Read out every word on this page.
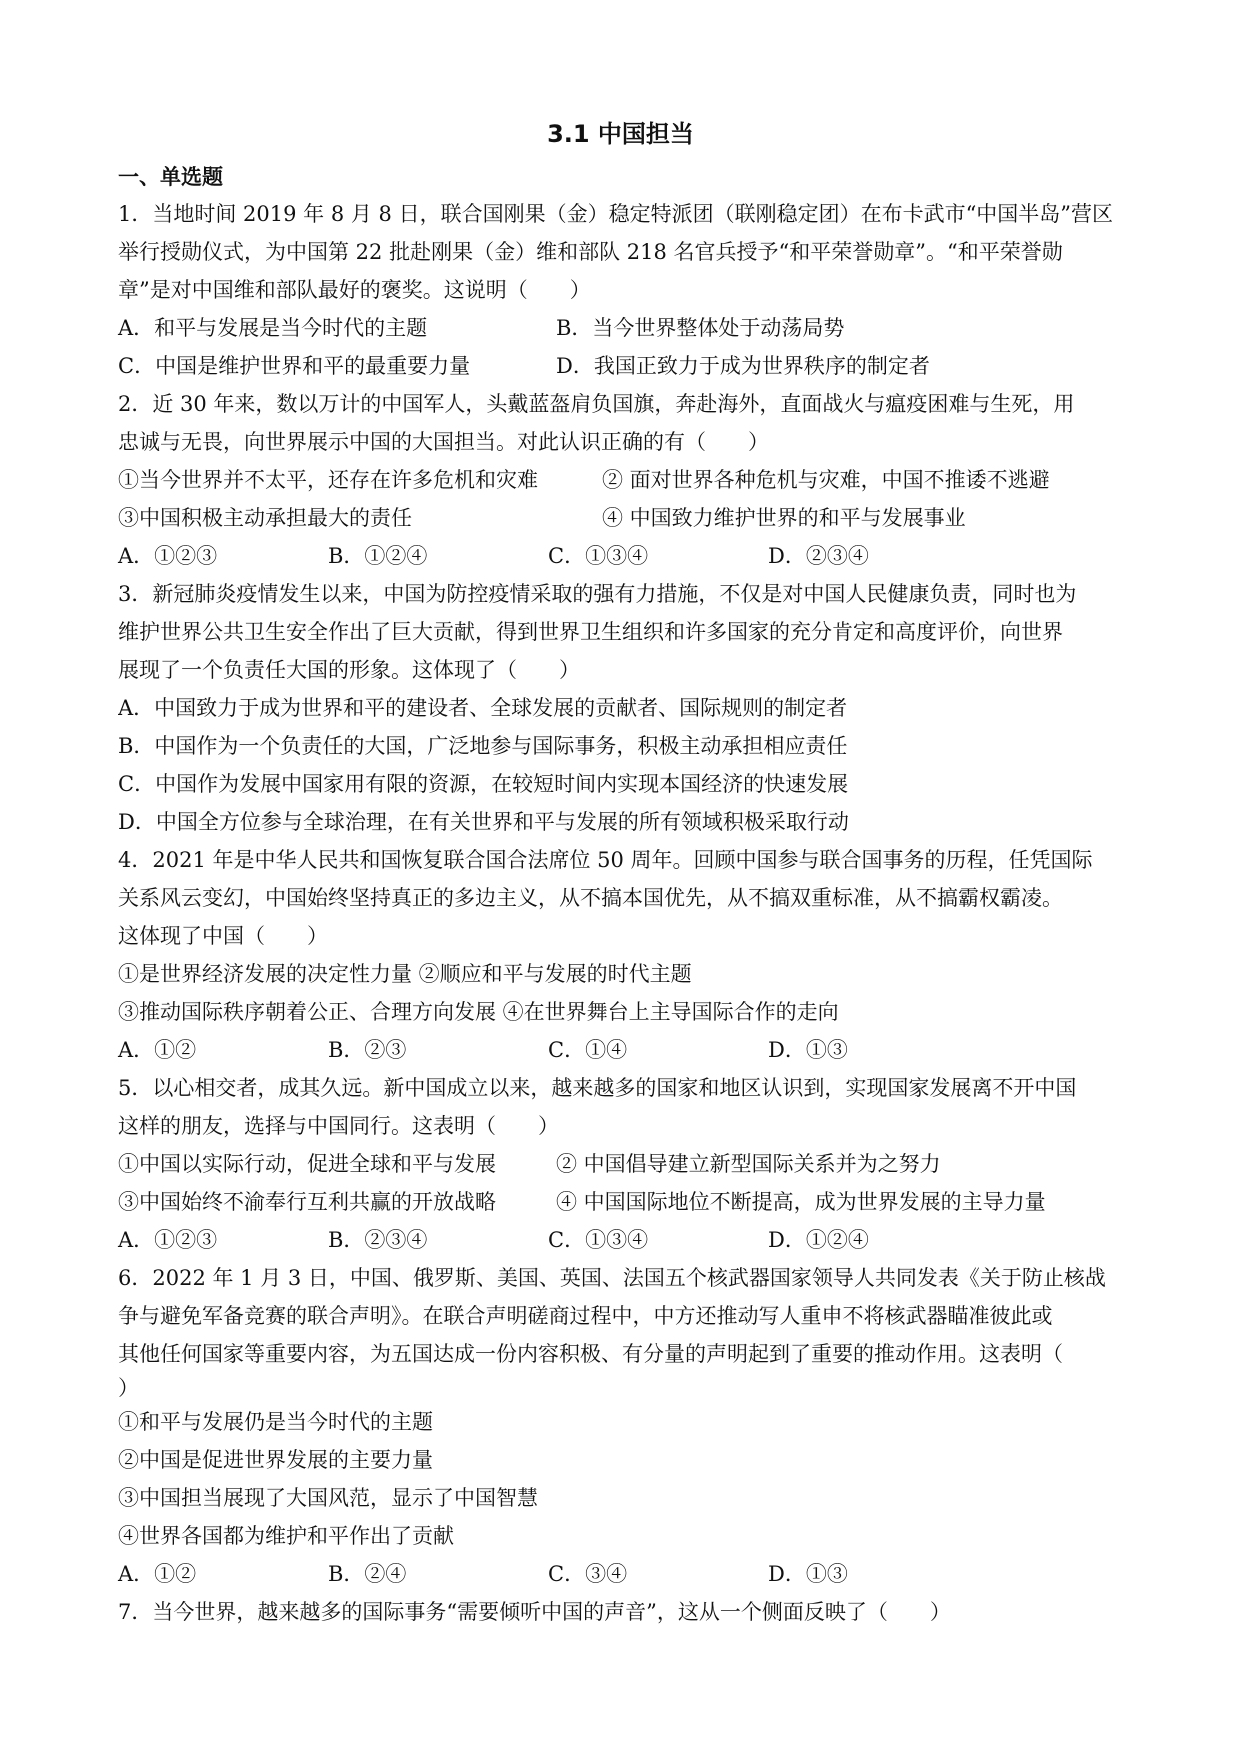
3.1 中国担当
一、单选题
1．当地时间 2019 年 8 月 8 日，联合国刚果（金）稳定特派团（联刚稳定团）在布卡武市“中国半岛”营区
举行授勋仪式，为中国第 22 批赴刚果（金）维和部队 218 名官兵授予“和平荣誉勋章”。“和平荣誉勋
章”是对中国维和部队最好的褒奖。这说明（　　）
A．和平与发展是当今时代的主题	B．当今世界整体处于动荡局势
C．中国是维护世界和平的最重要力量	D．我国正致力于成为世界秩序的制定者
2．近 30 年来，数以万计的中国军人，头戴蓝盔肩负国旗，奔赴海外，直面战火与瘟疫困难与生死，用
忠诚与无畏，向世界展示中国的大国担当。对此认识正确的有（　　）
①当今世界并不太平，还存在许多危机和灾难	② 面对世界各种危机与灾难，中国不推诿不逃避
③中国积极主动承担最大的责任	④ 中国致力维护世界的和平与发展事业
A．①②③	B．①②④	C．①③④	D．②③④
3．新冠肺炎疫情发生以来，中国为防控疫情采取的强有力措施，不仅是对中国人民健康负责，同时也为
维护世界公共卫生安全作出了巨大贡献，得到世界卫生组织和许多国家的充分肯定和高度评价，向世界
展现了一个负责任大国的形象。这体现了（　　）
A．中国致力于成为世界和平的建设者、全球发展的贡献者、国际规则的制定者
B．中国作为一个负责任的大国，广泛地参与国际事务，积极主动承担相应责任
C．中国作为发展中国家用有限的资源，在较短时间内实现本国经济的快速发展
D．中国全方位参与全球治理，在有关世界和平与发展的所有领域积极采取行动
4．2021 年是中华人民共和国恢复联合国合法席位 50 周年。回顾中国参与联合国事务的历程，任凭国际
关系风云变幻，中国始终坚持真正的多边主义，从不搞本国优先，从不搞双重标准，从不搞霸权霸凌。
这体现了中国（　　）
①是世界经济发展的决定性力量 ②顺应和平与发展的时代主题
③推动国际秩序朝着公正、合理方向发展 ④在世界舞台上主导国际合作的走向
A．①②	B．②③	C．①④	D．①③
5．以心相交者，成其久远。新中国成立以来，越来越多的国家和地区认识到，实现国家发展离不开中国
这样的朋友，选择与中国同行。这表明（　　）
①中国以实际行动，促进全球和平与发展	② 中国倡导建立新型国际关系并为之努力
③中国始终不渝奉行互利共赢的开放战略	④ 中国国际地位不断提高，成为世界发展的主导力量
A．①②③	B．②③④	C．①③④	D．①②④
6．2022 年 1 月 3 日，中国、俄罗斯、美国、英国、法国五个核武器国家领导人共同发表《关于防止核战
争与避免军备竞赛的联合声明》。在联合声明磋商过程中，中方还推动写人重申不将核武器瞄准彼此或
其他任何国家等重要内容，为五国达成一份内容积极、有分量的声明起到了重要的推动作用。这表明（
）
①和平与发展仍是当今时代的主题
②中国是促进世界发展的主要力量
③中国担当展现了大国风范，显示了中国智慧
④世界各国都为维护和平作出了贡献
A．①②	B．②④	C．③④	D．①③
7．当今世界，越来越多的国际事务“需要倾听中国的声音”，这从一个侧面反映了（　　）
